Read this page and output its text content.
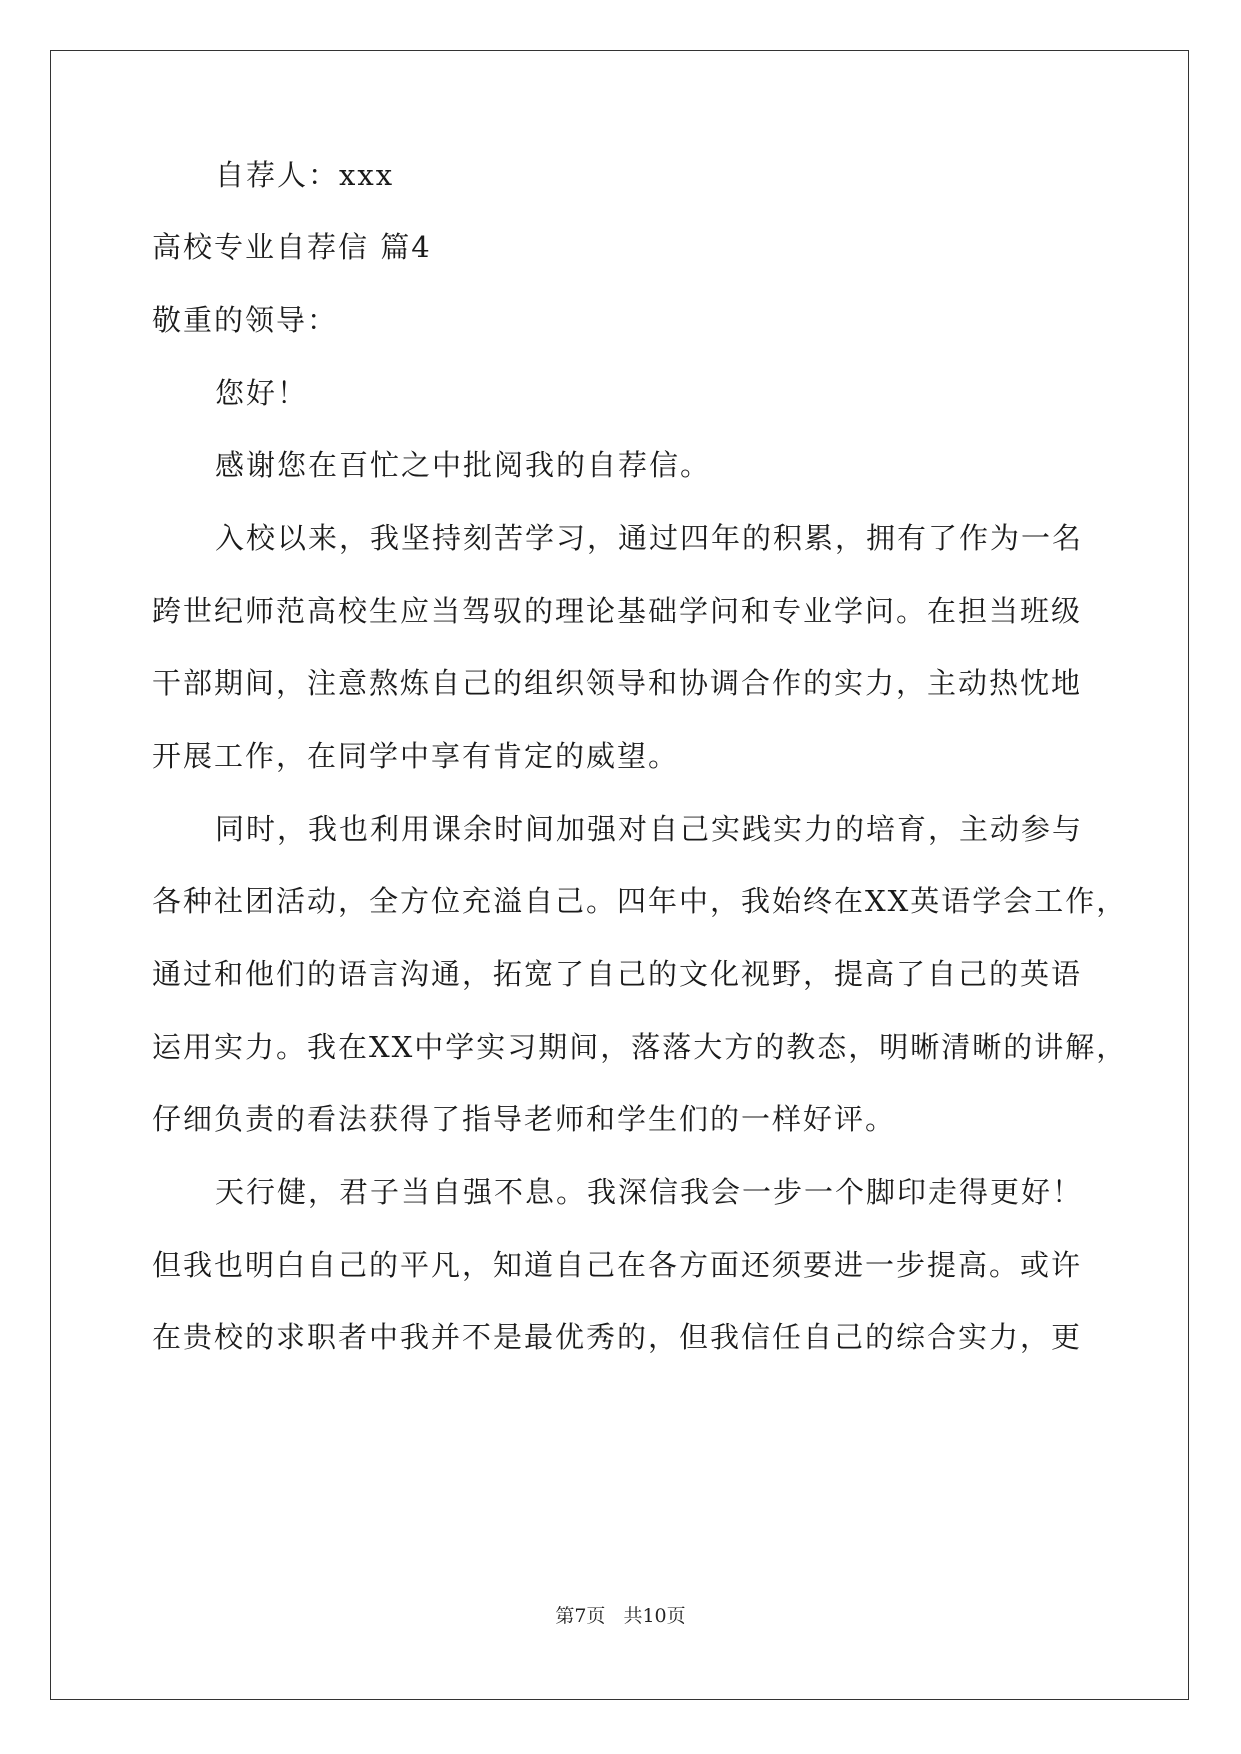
自荐人：xxx
高校专业自荐信 篇4
敬重的领导：
您好！
感谢您在百忙之中批阅我的自荐信。
入校以来，我坚持刻苦学习，通过四年的积累，拥有了作为一名
跨世纪师范高校生应当驾驭的理论基础学问和专业学问。在担当班级
干部期间，注意熬炼自己的组织领导和协调合作的实力，主动热忱地
开展工作，在同学中享有肯定的威望。
同时，我也利用课余时间加强对自己实践实力的培育，主动参与
各种社团活动，全方位充溢自己。四年中，我始终在XX英语学会工作，
通过和他们的语言沟通，拓宽了自己的文化视野，提高了自己的英语
运用实力。我在XX中学实习期间，落落大方的教态，明晰清晰的讲解，
仔细负责的看法获得了指导老师和学生们的一样好评。
天行健，君子当自强不息。我深信我会一步一个脚印走得更好！
但我也明白自己的平凡，知道自己在各方面还须要进一步提高。或许
在贵校的求职者中我并不是最优秀的，但我信任自己的综合实力，更
第7页 共10页
